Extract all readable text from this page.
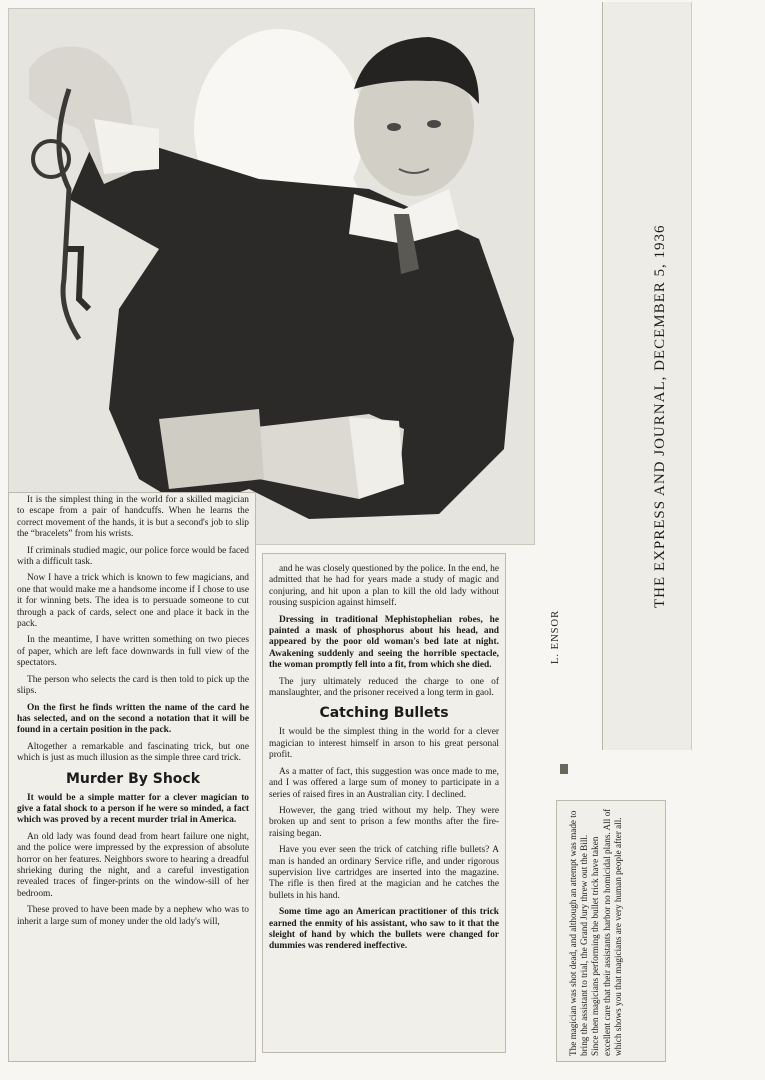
It is the simplest thing in the world for a skilled magician to escape from a pair of handcuffs. When he learns the correct movement of the hands, it is but a second's job to slip the “bracelets” from his wrists.

If criminals studied magic, our police force would be faced with a difficult task.

Now I have a trick which is known to few magicians, and one that would make me a handsome income if I chose to use it for winning bets. The idea is to persuade someone to cut through a pack of cards, select one and place it back in the pack.

In the meantime, I have written something on two pieces of paper, which are left face downwards in full view of the spectators.

The person who selects the card is then told to pick up the slips.

On the first he finds written the name of the card he has selected, and on the second a notation that it will be found in a certain position in the pack.

Altogether a remarkable and fascinating trick, but one which is just as much illusion as the simple three card trick.

Murder By Shock

It would be a simple matter for a clever magician to give a fatal shock to a person if he were so minded, a fact which was proved by a recent murder trial in America.

An old lady was found dead from heart failure one night, and the police were impressed by the expression of absolute horror on her features. Neighbors swore to hearing a dreadful shrieking during the night, and a careful investigation revealed traces of finger-prints on the window-sill of her bedroom.

These proved to have been made by a nephew who was to inherit a large sum of money under the old lady's will,

and he was closely questioned by the police. In the end, he admitted that he had for years made a study of magic and conjuring, and hit upon a plan to kill the old lady without rousing suspicion against himself.

Dressing in traditional Mephistophelian robes, he painted a mask of phosphorus about his head, and appeared by the poor old woman's bed late at night. Awakening suddenly and seeing the horrible spectacle, the woman promptly fell into a fit, from which she died.

The jury ultimately reduced the charge to one of manslaughter, and the prisoner received a long term in gaol.

Catching Bullets

It would be the simplest thing in the world for a clever magician to interest himself in arson to his great personal profit.

As a matter of fact, this suggestion was once made to me, and I was offered a large sum of money to participate in a series of raised fires in an Australian city. I declined.

However, the gang tried without my help. They were broken up and sent to prison a few months after the fire-raising began.

Have you ever seen the trick of catching rifle bullets? A man is handed an ordinary Service rifle, and under rigorous supervision live cartridges are inserted into the magazine. The rifle is then fired at the magician and he catches the bullets in his hand.

Some time ago an American practitioner of this trick earned the enmity of his assistant, who saw to it that the sleight of hand by which the bullets were changed for dummies was rendered ineffective.

THE EXPRESS AND JOURNAL, DECEMBER 5, 1936
L. ENSOR

The magician was shot dead, and although an attempt was made to bring the assistant to trial, the Grand Jury threw out the Bill. Since then magicians performing the bullet trick have taken excellent care that their assistants harbor no homicidal plans. All of which shows you that magicians are very human people after all.
